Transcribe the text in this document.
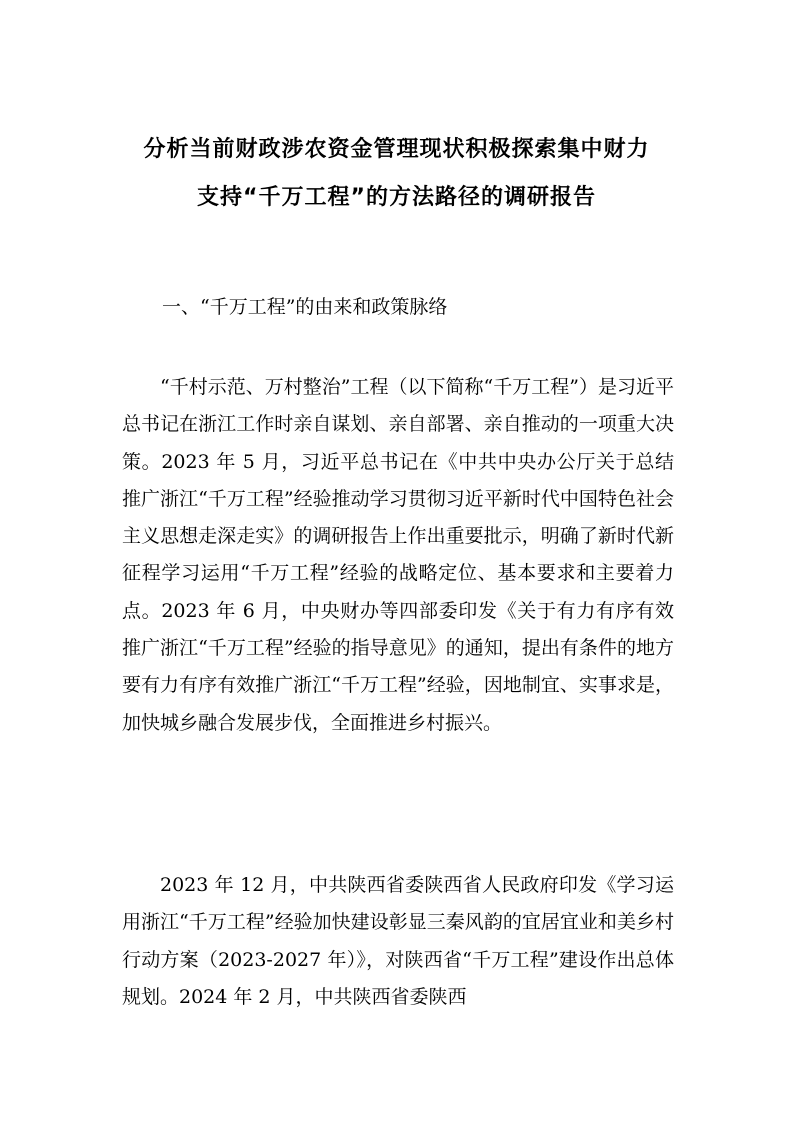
分析当前财政涉农资金管理现状积极探索集中财力
支持“千万工程”的方法路径的调研报告
一、“千万工程”的由来和政策脉络

“千村示范、万村整治”工程（以下简称“千万工程”）是习近平总书记在浙江工作时亲自谋划、亲自部署、亲自推动的一项重大决策。2023 年 5 月，习近平总书记在《中共中央办公厅关于总结推广浙江“千万工程”经验推动学习贯彻习近平新时代中国特色社会主义思想走深走实》的调研报告上作出重要批示，明确了新时代新征程学习运用“千万工程”经验的战略定位、基本要求和主要着力点。2023 年 6 月，中央财办等四部委印发《关于有力有序有效推广浙江“千万工程”经验的指导意见》的通知，提出有条件的地方要有力有序有效推广浙江“千万工程”经验，因地制宜、实事求是，加快城乡融合发展步伐，全面推进乡村振兴。

2023 年 12 月，中共陕西省委陕西省人民政府印发《学习运用浙江“千万工程”经验加快建设彰显三秦风韵的宜居宜业和美乡村行动方案（2023-2027 年）》，对陕西省“千万工程”建设作出总体规划。2024 年 2 月，中共陕西省委陕西
